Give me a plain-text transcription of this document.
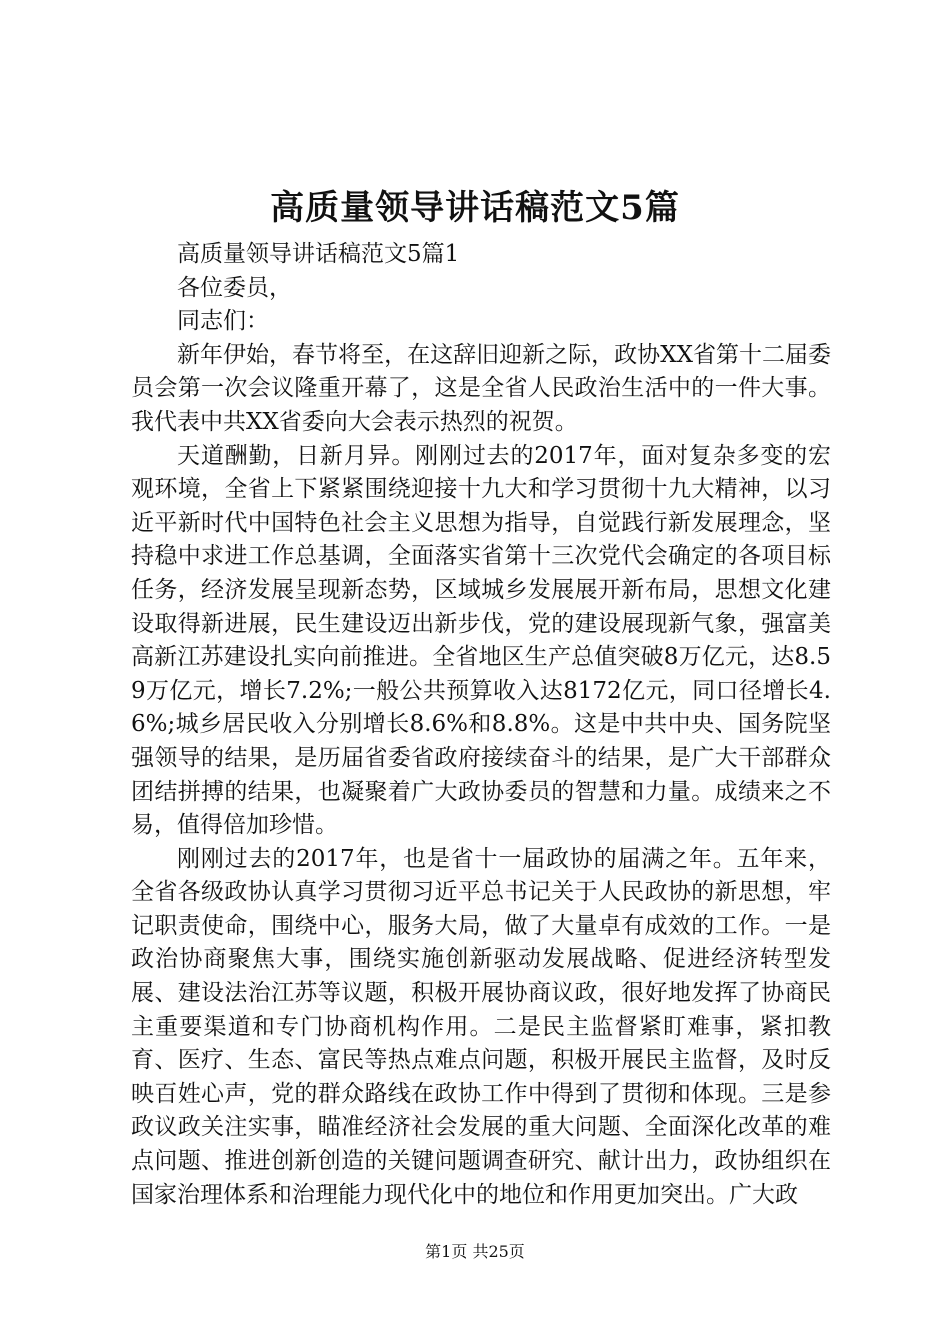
高质量领导讲话稿范文5篇

高质量领导讲话稿范文5篇1

各位委员，

同志们：

新年伊始，春节将至，在这辞旧迎新之际，政协XX省第十二届委员会第一次会议隆重开幕了，这是全省人民政治生活中的一件大事。我代表中共XX省委向大会表示热烈的祝贺。

天道酬勤，日新月异。刚刚过去的2017年，面对复杂多变的宏观环境，全省上下紧紧围绕迎接十九大和学习贯彻十九大精神，以习近平新时代中国特色社会主义思想为指导，自觉践行新发展理念，坚持稳中求进工作总基调，全面落实省第十三次党代会确定的各项目标任务，经济发展呈现新态势，区域城乡发展展开新布局，思想文化建设取得新进展，民生建设迈出新步伐，党的建设展现新气象，强富美高新江苏建设扎实向前推进。全省地区生产总值突破8万亿元，达8.59万亿元，增长7.2%;一般公共预算收入达8172亿元，同口径增长4.6%;城乡居民收入分别增长8.6%和8.8%。这是中共中央、国务院坚强领导的结果，是历届省委省政府接续奋斗的结果，是广大干部群众团结拼搏的结果，也凝聚着广大政协委员的智慧和力量。成绩来之不易，值得倍加珍惜。

刚刚过去的2017年，也是省十一届政协的届满之年。五年来，全省各级政协认真学习贯彻习近平总书记关于人民政协的新思想，牢记职责使命，围绕中心，服务大局，做了大量卓有成效的工作。一是政治协商聚焦大事，围绕实施创新驱动发展战略、促进经济转型发展、建设法治江苏等议题，积极开展协商议政，很好地发挥了协商民主重要渠道和专门协商机构作用。二是民主监督紧盯难事，紧扣教育、医疗、生态、富民等热点难点问题，积极开展民主监督，及时反映百姓心声，党的群众路线在政协工作中得到了贯彻和体现。三是参政议政关注实事，瞄准经济社会发展的重大问题、全面深化改革的难点问题、推进创新创造的关键问题调查研究、献计出力，政协组织在国家治理体系和治理能力现代化中的地位和作用更加突出。广大政

第1页 共25页
